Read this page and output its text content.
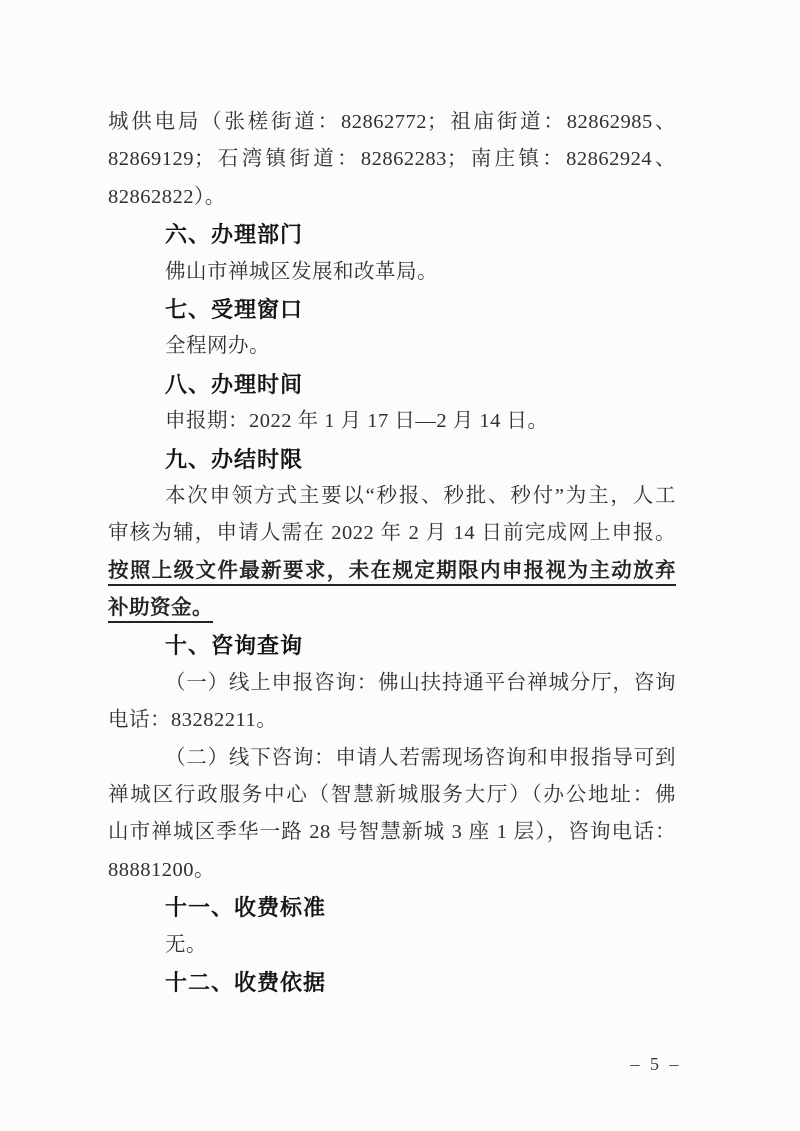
城供电局（张槎街道：82862772；祖庙街道：82862985、
82869129；石湾镇街道：82862283；南庄镇：82862924、
82862822）。
六、办理部门
佛山市禅城区发展和改革局。
七、受理窗口
全程网办。
八、办理时间
申报期：2022 年 1 月 17 日—2 月 14 日。
九、办结时限
本次申领方式主要以“秒报、秒批、秒付”为主，人工
审核为辅，申请人需在 2022 年 2 月 14 日前完成网上申报。
按照上级文件最新要求，未在规定期限内申报视为主动放弃
补助资金。
十、咨询查询
（一）线上申报咨询：佛山扶持通平台禅城分厅，咨询
电话：83282211。
（二）线下咨询：申请人若需现场咨询和申报指导可到
禅城区行政服务中心（智慧新城服务大厅）（办公地址：佛
山市禅城区季华一路 28 号智慧新城 3 座 1 层），咨询电话：
88881200。
十一、收费标准
无。
十二、收费依据
– 5 –
